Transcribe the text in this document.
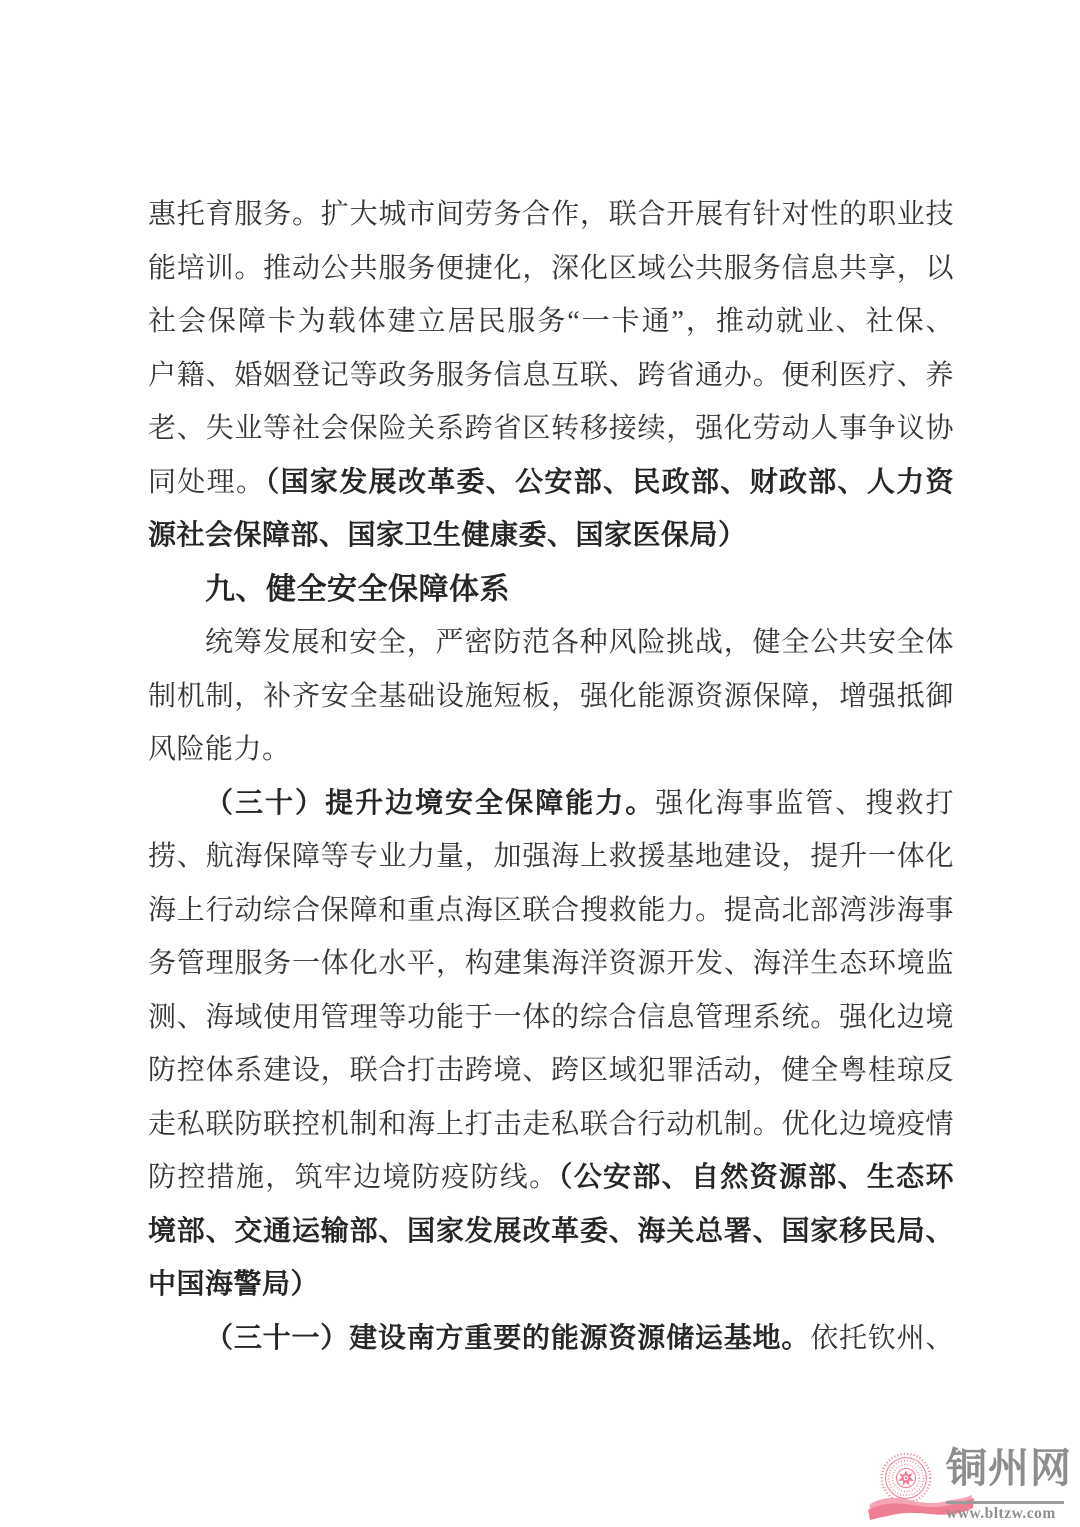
惠托育服务。扩大城市间劳务合作，联合开展有针对性的职业技
能培训。推动公共服务便捷化，深化区域公共服务信息共享，以
社会保障卡为载体建立居民服务“一卡通”，推动就业、社保、
户籍、婚姻登记等政务服务信息互联、跨省通办。便利医疗、养
老、失业等社会保险关系跨省区转移接续，强化劳动人事争议协
同处理。（国家发展改革委、公安部、民政部、财政部、人力资
源社会保障部、国家卫生健康委、国家医保局）
九、健全安全保障体系
统筹发展和安全，严密防范各种风险挑战，健全公共安全体
制机制，补齐安全基础设施短板，强化能源资源保障，增强抵御
风险能力。
（三十）提升边境安全保障能力。强化海事监管、搜救打
捞、航海保障等专业力量，加强海上救援基地建设，提升一体化
海上行动综合保障和重点海区联合搜救能力。提高北部湾涉海事
务管理服务一体化水平，构建集海洋资源开发、海洋生态环境监
测、海域使用管理等功能于一体的综合信息管理系统。强化边境
防控体系建设，联合打击跨境、跨区域犯罪活动，健全粤桂琼反
走私联防联控机制和海上打击走私联合行动机制。优化边境疫情
防控措施，筑牢边境防疫防线。（公安部、自然资源部、生态环
境部、交通运输部、国家发展改革委、海关总署、国家移民局、
中国海警局）
（三十一）建设南方重要的能源资源储运基地。依托钦州、
铜州网
www.bltzw.com
